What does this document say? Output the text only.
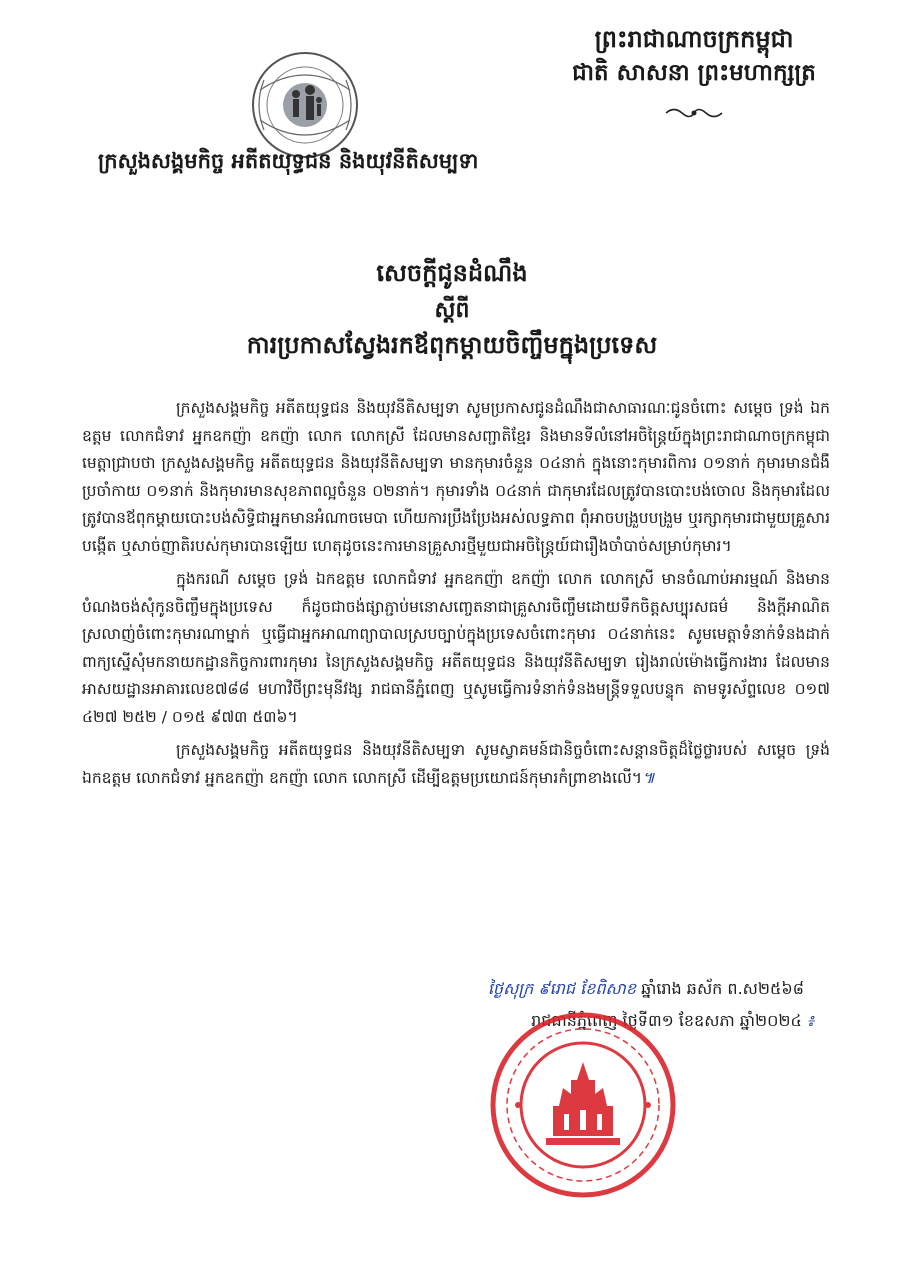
ព្រះរាជាណាចក្រកម្ពុជា
ជាតិ សាសនា ព្រះមហាក្សត្រ
ក្រសួងសង្គមកិច្ច អតីតយុទ្ធជន និងយុវនីតិសម្បទា
សេចក្តីជូនដំណឹង
ស្តីពី
ការប្រកាសស្វែងរកឪពុកម្តាយចិញ្ចឹមក្នុងប្រទេស

ក្រសួងសង្គមកិច្ច អតីតយុទ្ធជន និងយុវនីតិសម្បទា សូមប្រកាសជូនដំណឹងជាសាធារណៈជូនចំពោះ សម្តេច ទ្រង់ ឯកឧត្តម លោកជំទាវ អ្នកឧកញ៉ា ឧកញ៉ា លោក លោកស្រី ដែលមានសញ្ជាតិខ្មែរ និងមានទីលំនៅអចិន្ត្រៃយ៍ក្នុងព្រះរាជាណាចក្រកម្ពុជា មេត្តាជ្រាបថា ក្រសួងសង្គមកិច្ច អតីតយុទ្ធជន និងយុវនីតិសម្បទា មានកុមារចំនួន ០៤នាក់ ក្នុងនោះកុមារពិការ ០១នាក់ កុមារមានជំងឺប្រចាំកាយ ០១នាក់ និងកុមារមានសុខភាពល្អចំនួន ០២នាក់។ កុមារទាំង ០៤នាក់ ជាកុមារដែលត្រូវបានបោះបង់ចោល និងកុមារដែលត្រូវបានឪពុកម្តាយបោះបង់សិទ្ធិជាអ្នកមានអំណាចមេបា ហើយការប្រឹងប្រែងអស់លទ្ធភាព ពុំអាចបង្រួបបង្រួម ឬរក្សាកុមារជាមួយគ្រួសារបង្កើត ឬសាច់ញាតិរបស់កុមារបានឡើយ ហេតុដូចនេះការមានគ្រួសារថ្មីមួយជាអចិន្ត្រៃយ៍ជារឿងចាំបាច់សម្រាប់កុមារ។

ក្នុងករណី សម្តេច ទ្រង់ ឯកឧត្តម លោកជំទាវ អ្នកឧកញ៉ា ឧកញ៉ា លោក លោកស្រី មានចំណាប់អារម្មណ៍ និងមានបំណងចង់សុំកូនចិញ្ចឹមក្នុងប្រទេស ក៏ដូចជាចង់ផ្សាភ្ជាប់មនោសញ្ចេតនាជាគ្រួសារចិញ្ចឹមដោយទឹកចិត្តសប្បុរសធម៌ និងក្តីអាណិតស្រលាញ់ចំពោះកុមារណាម្នាក់ ឬធ្វើជាអ្នកអាណាព្យាបាលស្របច្បាប់ក្នុងប្រទេសចំពោះកុមារ ០៤នាក់នេះ សូមមេត្តាទំនាក់ទំនងដាក់ពាក្យស្នើសុំមកនាយកដ្ឋានកិច្ចការពារកុមារ នៃក្រសួងសង្គមកិច្ច អតីតយុទ្ធជន និងយុវនីតិសម្បទា រៀងរាល់ម៉ោងធ្វើការងារ ដែលមានអាសយដ្ឋានអាគារលេខ៧៨៨ មហាវិថីព្រះមុនីវង្ស រាជធានីភ្នំពេញ ឬសូមធ្វើការទំនាក់ទំនងមន្ត្រីទទួលបន្ទុក តាមទូរស័ព្ទលេខ ០១៧ ៤២៧ ២៥២ / ០១៥ ៩៧៣ ៥៣៦។

ក្រសួងសង្គមកិច្ច អតីតយុទ្ធជន និងយុវនីតិសម្បទា សូមស្វាគមន៍ជានិច្ចចំពោះសន្តានចិត្តដ៏ថ្លៃថ្លារបស់ សម្តេច ទ្រង់ ឯកឧត្តម លោកជំទាវ អ្នកឧកញ៉ា ឧកញ៉ា លោក លោកស្រី ដើម្បីឧត្តមប្រយោជន៍កុមារកំព្រាខាងលើ។៕

ថ្ងៃសុក្រ ៩រោជ ខែពិសាខ ឆ្នាំរោង ឆស័ក ព.ស២៥៦៨
រាជធានីភ្នំពេញ ថ្ងៃទី៣១ ខែឧសភា ឆ្នាំ២០២៤ ៖
